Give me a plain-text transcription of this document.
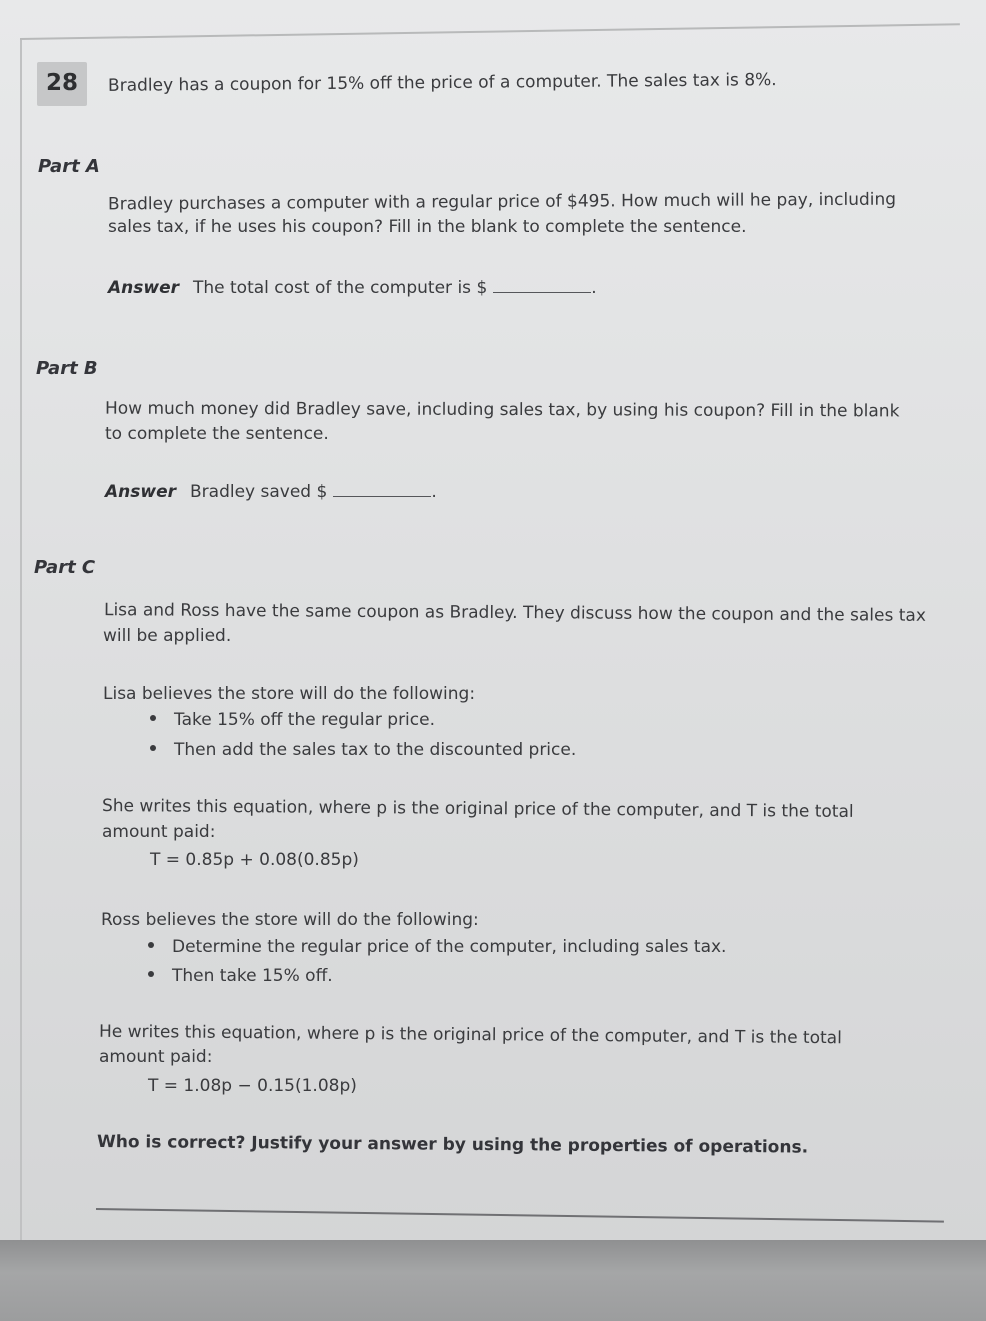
28 Bradley has a coupon for 15% off the price of a computer. The sales tax is 8%.
Part A
Bradley purchases a computer with a regular price of $495. How much will he pay, including
sales tax, if he uses his coupon? Fill in the blank to complete the sentence.
Answer The total cost of the computer is $	.
Part B
How much money did Bradley save, including sales tax, by using his coupon? Fill in the blank
to complete the sentence.
Answer Bradley saved $	.
Part C
Lisa and Ross have the same coupon as Bradley. They discuss how the coupon and the sales tax
will be applied.
Lisa believes the store will do the following:
Take 15% off the regular price.
Then add the sales tax to the discounted price.
She writes this equation, where p is the original price of the computer, and T is the total
amount paid:
T = 0.85p + 0.08(0.85p)
Ross believes the store will do the following:
Determine the regular price of the computer, including sales tax.
Then take 15% off.
He writes this equation, where p is the original price of the computer, and T is the total
amount paid:
T = 1.08p − 0.15(1.08p)
Who is correct? Justify your answer by using the properties of operations.
